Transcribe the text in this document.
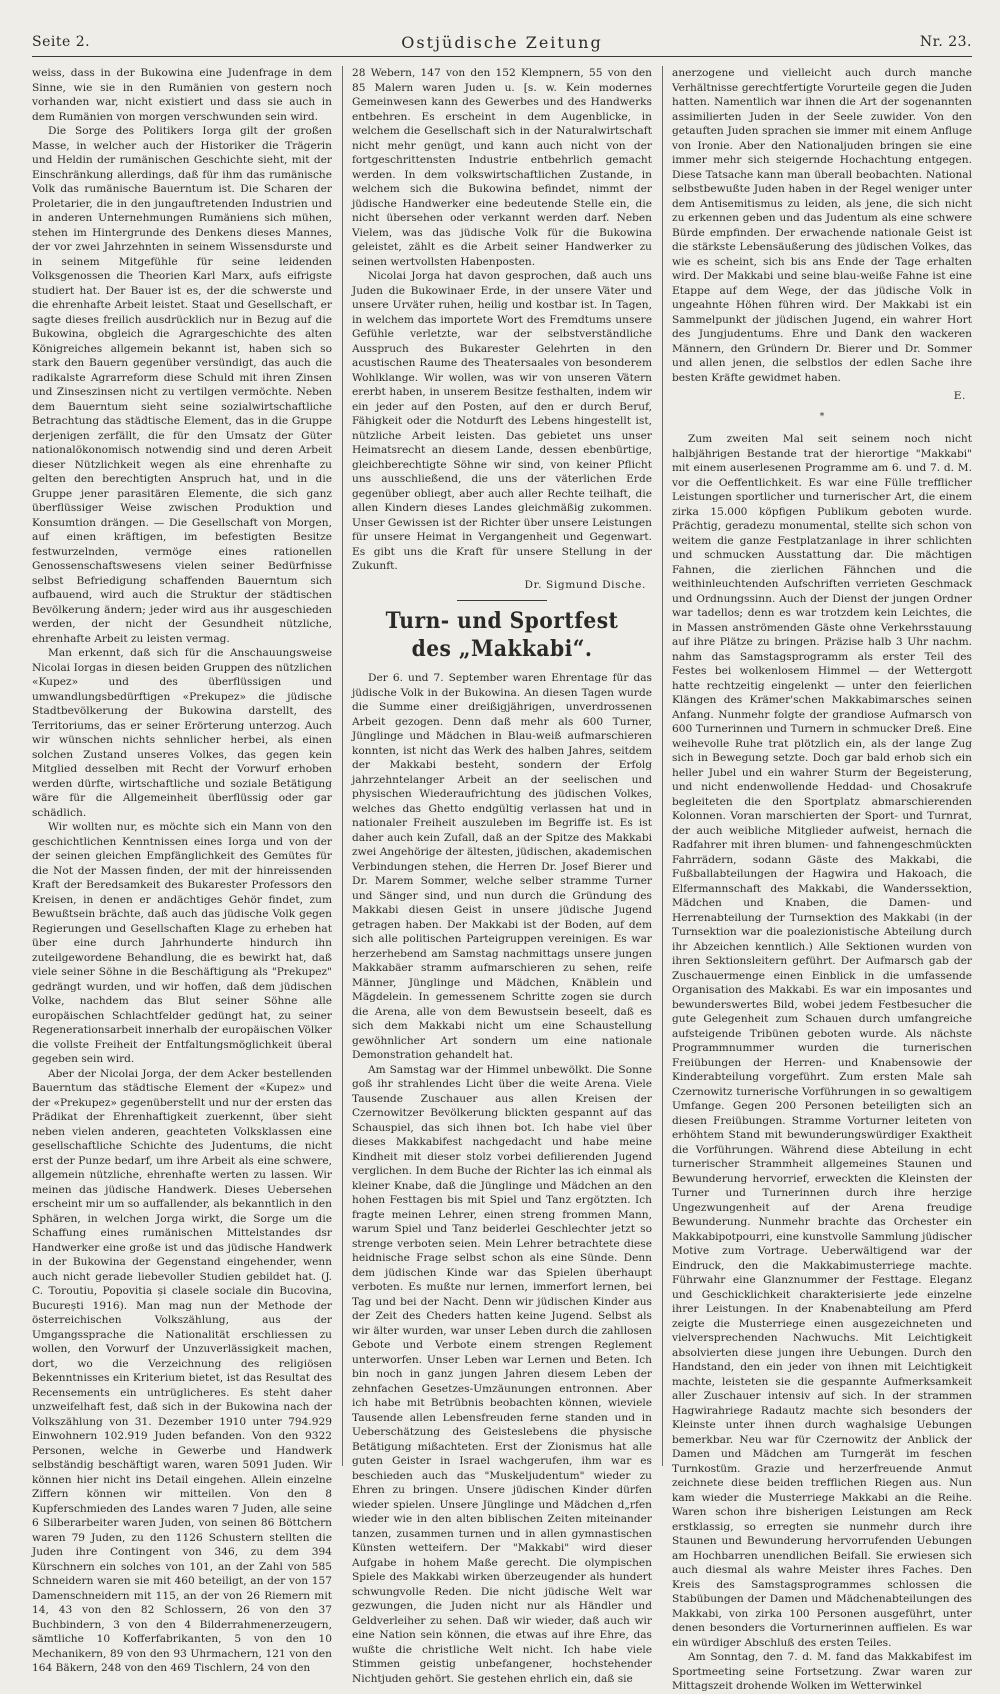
Seite 2.	Ostjüdische Zeitung	Nr. 23.

weiss, dass in der Bukowina eine Judenfrage in dem Sinne, wie sie in den Rumänien von gestern noch vorhanden war, nicht existiert und dass sie auch in dem Rumänien von morgen verschwunden sein wird.

Die Sorge des Politikers Iorga gilt der großen Masse, in welcher auch der Historiker die Trägerin und Heldin der rumänischen Geschichte sieht, mit der Einschränkung allerdings, daß für ihm das rumänische Volk das rumänische Bauerntum ist. Die Scharen der Proletarier, die in den jungauftretenden Industrien und in anderen Unternehmungen Rumäniens sich mühen, stehen im Hintergrunde des Denkens dieses Mannes, der vor zwei Jahrzehnten in seinem Wissensdurste und in seinem Mitgefühle für seine leidenden Volksgenossen die Theorien Karl Marx, aufs eifrigste studiert hat. Der Bauer ist es, der die schwerste und die ehrenhafte Arbeit leistet. Staat und Gesellschaft, er sagte dieses freilich ausdrücklich nur in Bezug auf die Bukowina, obgleich die Agrargeschichte des alten Königreiches allgemein bekannt ist, haben sich so stark den Bauern gegenüber versündigt, das auch die radikalste Agrarreform diese Schuld mit ihren Zinsen und Zinseszinsen nicht zu vertilgen vermöchte. Neben dem Bauerntum sieht seine sozialwirtschaftliche Betrachtung das städtische Element, das in die Gruppe derjenigen zerfällt, die für den Umsatz der Güter nationalökonomisch notwendig sind und deren Arbeit dieser Nützlichkeit wegen als eine ehrenhafte zu gelten den berechtigten Anspruch hat, und in die Gruppe jener parasitären Elemente, die sich ganz überflüssiger Weise zwischen Produktion und Konsumtion drängen. — Die Gesellschaft von Morgen, auf einen kräftigen, im befestigten Besitze festwurzelnden, vermöge eines rationellen Genossenschaftswesens vielen seiner Bedürfnisse selbst Befriedigung schaffenden Bauerntum sich aufbauend, wird auch die Struktur der städtischen Bevölkerung ändern; jeder wird aus ihr ausgeschieden werden, der nicht der Gesundheit nützliche, ehrenhafte Arbeit zu leisten vermag.

Man erkennt, daß sich für die Anschauungsweise Nicolai Iorgas in diesen beiden Gruppen des nützlichen «Kupez» und des überflüssigen und umwandlungsbedürftigen «Prekupez» die jüdische Stadtbevölkerung der Bukowina darstellt, des Territoriums, das er seiner Erörterung unterzog. Auch wir wünschen nichts sehnlicher herbei, als einen solchen Zustand unseres Volkes, das gegen kein Mitglied desselben mit Recht der Vorwurf erhoben werden dürfte, wirtschaftliche und soziale Betätigung wäre für die Allgemeinheit überflüssig oder gar schädlich.

Wir wollten nur, es möchte sich ein Mann von den geschichtlichen Kenntnissen eines Iorga und von der der seinen gleichen Empfänglichkeit des Gemütes für die Not der Massen finden, der mit der hinreissenden Kraft der Beredsamkeit des Bukarester Professors den Kreisen, in denen er andächtiges Gehör findet, zum Bewußtsein brächte, daß auch das jüdische Volk gegen Regierungen und Gesellschaften Klage zu erheben hat über eine durch Jahrhunderte hindurch ihn zuteilgewordene Behandlung, die es bewirkt hat, daß viele seiner Söhne in die Beschäftigung als "Prekupez" gedrängt wurden, und wir hoffen, daß dem jüdischen Volke, nachdem das Blut seiner Söhne alle europäischen Schlachtfelder gedüngt hat, zu seiner Regenerationsarbeit innerhalb der europäischen Völker die vollste Freiheit der Entfaltungsmöglichkeit überal gegeben sein wird.

Aber der Nicolai Jorga, der dem Acker bestellenden Bauerntum das städtische Element der «Kupez» und der «Prekupez» gegenüberstellt und nur der ersten das Prädikat der Ehrenhaftigkeit zuerkennt, über sieht neben vielen anderen, geachteten Volksklassen eine gesellschaftliche Schichte des Judentums, die nicht erst der Punze bedarf, um ihre Arbeit als eine schwere, allgemein nützliche, ehrenhafte werten zu lassen. Wir meinen das jüdische Handwerk. Dieses Uebersehen erscheint mir um so auffallender, als bekanntlich in den Sphären, in welchen Jorga wirkt, die Sorge um die Schaffung eines rumänischen Mittelstandes dsr Handwerker eine große ist und das jüdische Handwerk in der Bukowina der Gegenstand eingehender, wenn auch nicht gerade liebevoller Studien gebildet hat. (J. C. Toroutiu, Popovitia și clasele sociale din Bucovina, București 1916). Man mag nun der Methode der österreichischen Volkszählung, aus der Umgangssprache die Nationalität erschliessen zu wollen, den Vorwurf der Unzuverlässigkeit machen, dort, wo die Verzeichnung des religiösen Bekenntnisses ein Kriterium bietet, ist das Resultat des Recensements ein untrüglicheres. Es steht daher unzweifelhaft fest, daß sich in der Bukowina nach der Volkszählung von 31. Dezember 1910 unter 794.929 Einwohnern 102.919 Juden befanden. Von den 9322 Personen, welche in Gewerbe und Handwerk selbständig beschäftigt waren, waren 5091 Juden. Wir können hier nicht ins Detail eingehen. Allein einzelne Ziffern können wir mitteilen. Von den 8 Kupferschmieden des Landes waren 7 Juden, alle seine 6 Silberarbeiter waren Juden, von seinen 86 Böttchern waren 79 Juden, zu den 1126 Schustern stellten die Juden ihre Contingent von 346, zu dem 394 Kürschnern ein solches von 101, an der Zahl von 585 Schneidern waren sie mit 460 beteiligt, an der von 157 Damenschneidern mit 115, an der von 26 Riemern mit 14, 43 von den 82 Schlossern, 26 von den 37 Buchbindern, 3 von den 4 Bilderrahmenerzeugern, sämtliche 10 Kofferfabrikanten, 5 von den 10 Mechanikern, 89 von den 93 Uhrmachern, 121 von den 164 Bäkern, 248 von den 469 Tischlern, 24 von den

28 Webern, 147 von den 152 Klempnern, 55 von den 85 Malern waren Juden u. [s. w. Kein modernes Gemeinwesen kann des Gewerbes und des Handwerks entbehren. Es erscheint in dem Augenblicke, in welchem die Gesellschaft sich in der Naturalwirtschaft nicht mehr genügt, und kann auch nicht von der fortgeschrittensten Industrie entbehrlich gemacht werden. In dem volkswirtschaftlichen Zustande, in welchem sich die Bukowina befindet, nimmt der jüdische Handwerker eine bedeutende Stelle ein, die nicht übersehen oder verkannt werden darf. Neben Vielem, was das jüdische Volk für die Bukowina geleistet, zählt es die Arbeit seiner Handwerker zu seinen wertvollsten Habenposten.

Nicolai Jorga hat davon gesprochen, daß auch uns Juden die Bukowinaer Erde, in der unsere Väter und unsere Urväter ruhen, heilig und kostbar ist. In Tagen, in welchem das importete Wort des Fremdtums unsere Gefühle verletzte, war der selbstverständliche Ausspruch des Bukarester Gelehrten in den acustischen Raume des Theatersaales von besonderem Wohlklange. Wir wollen, was wir von unseren Vätern ererbt haben, in unserem Besitze festhalten, indem wir ein jeder auf den Posten, auf den er durch Beruf, Fähigkeit oder die Notdurft des Lebens hingestellt ist, nützliche Arbeit leisten. Das gebietet uns unser Heimatsrecht an diesem Lande, dessen ebenbürtige, gleichberechtigte Söhne wir sind, von keiner Pflicht uns ausschließend, die uns der väterlichen Erde gegenüber obliegt, aber auch aller Rechte teilhaft, die allen Kindern dieses Landes gleichmäßig zukommen. Unser Gewissen ist der Richter über unsere Leistungen für unsere Heimat in Vergangenheit und Gegenwart. Es gibt uns die Kraft für unsere Stellung in der Zukunft.

Dr. Sigmund Dische.
Turn- und Sportfest des „Makkabi“.

Der 6. und 7. September waren Ehrentage für das jüdische Volk in der Bukowina. An diesen Tagen wurde die Summe einer dreißigjährigen, unverdrossenen Arbeit gezogen. Denn daß mehr als 600 Turner, Jünglinge und Mädchen in Blau-weiß aufmarschieren konnten, ist nicht das Werk des halben Jahres, seitdem der Makkabi besteht, sondern der Erfolg jahrzehntelanger Arbeit an der seelischen und physischen Wiederaufrichtung des jüdischen Volkes, welches das Ghetto endgültig verlassen hat und in nationaler Freiheit auszuleben im Begriffe ist. Es ist daher auch kein Zufall, daß an der Spitze des Makkabi zwei Angehörige der ältesten, jüdischen, akademischen Verbindungen stehen, die Herren Dr. Josef Bierer und Dr. Marem Sommer, welche selber stramme Turner und Sänger sind, und nun durch die Gründung des Makkabi diesen Geist in unsere jüdische Jugend getragen haben. Der Makkabi ist der Boden, auf dem sich alle politischen Parteigruppen vereinigen. Es war herzerhebend am Samstag nachmittags unsere jungen Makkabäer stramm aufmarschieren zu sehen, reife Männer, Jünglinge und Mädchen, Knäblein und Mägdelein. In gemessenem Schritte zogen sie durch die Arena, alle von dem Bewustsein beseelt, daß es sich dem Makkabi nicht um eine Schaustellung gewöhnlicher Art sondern um eine nationale Demonstration gehandelt hat.

Am Samstag war der Himmel unbewölkt. Die Sonne goß ihr strahlendes Licht über die weite Arena. Viele Tausende Zuschauer aus allen Kreisen der Czernowitzer Bevölkerung blickten gespannt auf das Schauspiel, das sich ihnen bot. Ich habe viel über dieses Makkabifest nachgedacht und habe meine Kindheit mit dieser stolz vorbei defilierenden Jugend verglichen. In dem Buche der Richter las ich einmal als kleiner Knabe, daß die Jünglinge und Mädchen an den hohen Festtagen bis mit Spiel und Tanz ergötzten. Ich fragte meinen Lehrer, einen streng frommen Mann, warum Spiel und Tanz beiderlei Geschlechter jetzt so strenge verboten seien. Mein Lehrer betrachtete diese heidnische Frage selbst schon als eine Sünde. Denn dem jüdischen Kinde war das Spielen überhaupt verboten. Es mußte nur lernen, immerfort lernen, bei Tag und bei der Nacht. Denn wir jüdischen Kinder aus der Zeit des Cheders hatten keine Jugend. Selbst als wir älter wurden, war unser Leben durch die zahllosen Gebote und Verbote einem strengen Reglement unterworfen. Unser Leben war Lernen und Beten. Ich bin noch in ganz jungen Jahren diesem Leben der zehnfachen Gesetzes-Umzäunungen entronnen. Aber ich habe mit Betrübnis beobachten können, wieviele Tausende allen Lebensfreuden ferne standen und in Ueberschätzung des Geisteslebens die physische Betätigung mißachteten. Erst der Zionismus hat alle guten Geister in Israel wachgerufen, ihm war es beschieden auch das "Muskeljudentum" wieder zu Ehren zu bringen. Unsere jüdischen Kinder dürfen wieder spielen. Unsere Jünglinge und Mädchen d„rfen wieder wie in den alten biblischen Zeiten miteinander tanzen, zusammen turnen und in allen gymnastischen Künsten wetteifern. Der "Makkabi" wird dieser Aufgabe in hohem Maße gerecht. Die olympischen Spiele des Makkabi wirken überzeugender als hundert schwungvolle Reden. Die nicht jüdische Welt war gezwungen, die Juden nicht nur als Händler und Geldverleiher zu sehen. Daß wir wieder, daß auch wir eine Nation sein können, die etwas auf ihre Ehre, das wußte die christliche Welt nicht. Ich habe viele Stimmen geistig unbefangener, hochstehender Nichtjuden gehört. Sie gestehen ehrlich ein, daß sie

anerzogene und vielleicht auch durch manche Verhältnisse gerechtfertigte Vorurteile gegen die Juden hatten. Namentlich war ihnen die Art der sogenannten assimilierten Juden in der Seele zuwider. Von den getauften Juden sprachen sie immer mit einem Anfluge von Ironie. Aber den Nationaljuden bringen sie eine immer mehr sich steigernde Hochachtung entgegen. Diese Tatsache kann man überall beobachten. National selbstbewußte Juden haben in der Regel weniger unter dem Antisemitismus zu leiden, als jene, die sich nicht zu erkennen geben und das Judentum als eine schwere Bürde empfinden. Der erwachende nationale Geist ist die stärkste Lebensäußerung des jüdischen Volkes, das wie es scheint, sich bis ans Ende der Tage erhalten wird. Der Makkabi und seine blau-weiße Fahne ist eine Etappe auf dem Wege, der das jüdische Volk in ungeahnte Höhen führen wird. Der Makkabi ist ein Sammelpunkt der jüdischen Jugend, ein wahrer Hort des Jungjudentums. Ehre und Dank den wackeren Männern, den Gründern Dr. Bierer und Dr. Sommer und allen jenen, die selbstlos der edlen Sache ihre besten Kräfte gewidmet haben.

E.
*

Zum zweiten Mal seit seinem noch nicht halbjährigen Bestande trat der hierortige "Makkabi" mit einem auserlesenen Programme am 6. und 7. d. M. vor die Oeffentlichkeit. Es war eine Fülle trefflicher Leistungen sportlicher und turnerischer Art, die einem zirka 15.000 köpfigen Publikum geboten wurde. Prächtig, geradezu monumental, stellte sich schon von weitem die ganze Festplatzanlage in ihrer schlichten und schmucken Ausstattung dar. Die mächtigen Fahnen, die zierlichen Fähnchen und die weithinleuchtenden Aufschriften verrieten Geschmack und Ordnungssinn. Auch der Dienst der jungen Ordner war tadellos; denn es war trotzdem kein Leichtes, die in Massen anströmenden Gäste ohne Verkehrsstauung auf ihre Plätze zu bringen. Präzise halb 3 Uhr nachm. nahm das Samstagsprogramm als erster Teil des Festes bei wolkenlosem Himmel — der Wettergott hatte rechtzeitig eingelenkt — unter den feierlichen Klängen des Krämer'schen Makkabimarsches seinen Anfang. Nunmehr folgte der grandiose Aufmarsch von 600 Turnerinnen und Turnern in schmucker Dreß. Eine weihevolle Ruhe trat plötzlich ein, als der lange Zug sich in Bewegung setzte. Doch gar bald erhob sich ein heller Jubel und ein wahrer Sturm der Begeisterung, und nicht endenwollende Heddad- und Chosakrufe begleiteten die den Sportplatz abmarschierenden Kolonnen. Voran marschierten der Sport- und Turnrat, der auch weibliche Mitglieder aufweist, hernach die Radfahrer mit ihren blumen- und fahnengeschmückten Fahrrädern, sodann Gäste des Makkabi, die Fußballabteilungen der Hagwira und Hakoach, die Elfermannschaft des Makkabi, die Wanderssektion, Mädchen und Knaben, die Damen- und Herrenabteilung der Turnsektion des Makkabi (in der Turnsektion war die poalezionistische Abteilung durch ihr Abzeichen kenntlich.) Alle Sektionen wurden von ihren Sektionsleitern geführt. Der Aufmarsch gab der Zuschauermenge einen Einblick in die umfassende Organisation des Makkabi. Es war ein imposantes und bewunderswertes Bild, wobei jedem Festbesucher die gute Gelegenheit zum Schauen durch umfangreiche aufsteigende Tribünen geboten wurde. Als nächste Programmnummer wurden die turnerischen Freiübungen der Herren- und Knabensowie der Kinderabteilung vorgeführt. Zum ersten Male sah Czernowitz turnerische Vorführungen in so gewaltigem Umfange. Gegen 200 Personen beteiligten sich an diesen Freiübungen. Stramme Vorturner leiteten von erhöhtem Stand mit bewunderungswürdiger Exaktheit die Vorführungen. Während diese Abteilung in echt turnerischer Strammheit allgemeines Staunen und Bewunderung hervorrief, erweckten die Kleinsten der Turner und Turnerinnen durch ihre herzige Ungezwungenheit auf der Arena freudige Bewunderung. Nunmehr brachte das Orchester ein Makkabipotpourri, eine kunstvolle Sammlung jüdischer Motive zum Vortrage. Ueberwältigend war der Eindruck, den die Makkabimusterriege machte. Führwahr eine Glanznummer der Festtage. Eleganz und Geschicklichkeit charakterisierte jede einzelne ihrer Leistungen. In der Knabenabteilung am Pferd zeigte die Musterriege einen ausgezeichneten und vielversprechenden Nachwuchs. Mit Leichtigkeit absolvierten diese jungen ihre Uebungen. Durch den Handstand, den ein jeder von ihnen mit Leichtigkeit machte, leisteten sie die gespannte Aufmerksamkeit aller Zuschauer intensiv auf sich. In der strammen Hagwirahriege Radautz machte sich besonders der Kleinste unter ihnen durch waghalsige Uebungen bemerkbar. Neu war für Czernowitz der Anblick der Damen und Mädchen am Turngerät im feschen Turnkostüm. Grazie und herzerfreuende Anmut zeichnete diese beiden trefflichen Riegen aus. Nun kam wieder die Musterriege Makkabi an die Reihe. Waren schon ihre bisherigen Leistungen am Reck erstklassig, so erregten sie nunmehr durch ihre Staunen und Bewunderung hervorrufenden Uebungen am Hochbarren unendlichen Beifall. Sie erwiesen sich auch diesmal als wahre Meister ihres Faches. Den Kreis des Samstagsprogrammes schlossen die Stabübungen der Damen und Mädchenabteilungen des Makkabi, von zirka 100 Personen ausgeführt, unter denen besonders die Vorturnerinnen auffielen. Es war ein würdiger Abschluß des ersten Teiles.

Am Sonntag, den 7. d. M. fand das Makkabifest im Sportmeeting seine Fortsetzung. Zwar waren zur Mittagszeit drohende Wolken im Wetterwinkel
